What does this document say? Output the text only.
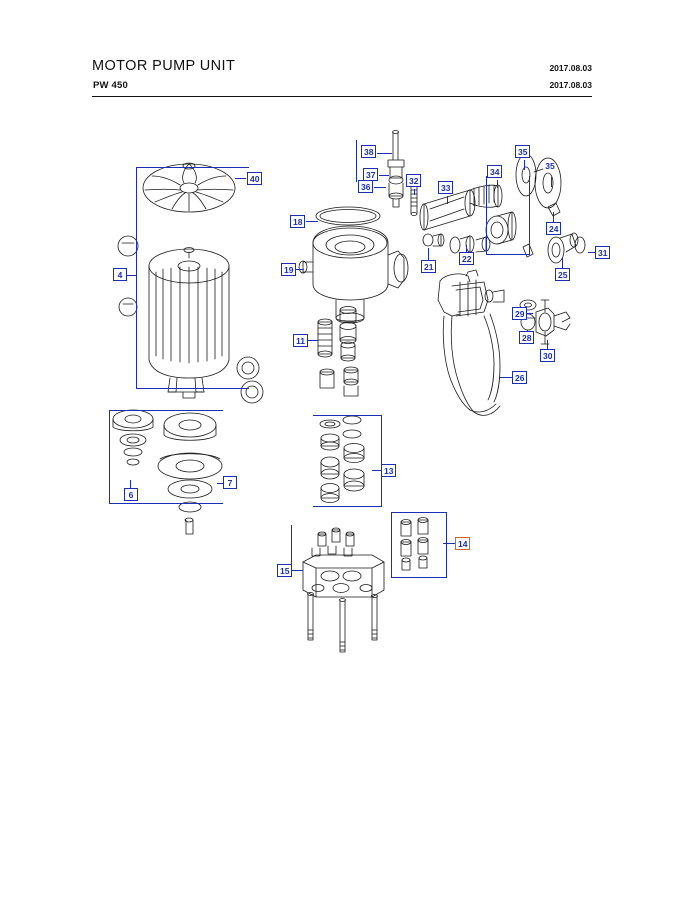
MOTOR PUMP UNIT
PW 450
2017.08.03
2017.08.03
4
40
6
7
11
13
14
15
18
19	21
22
24
25
26
28
29
30
31
32
33
34
35
35
36
37
38
